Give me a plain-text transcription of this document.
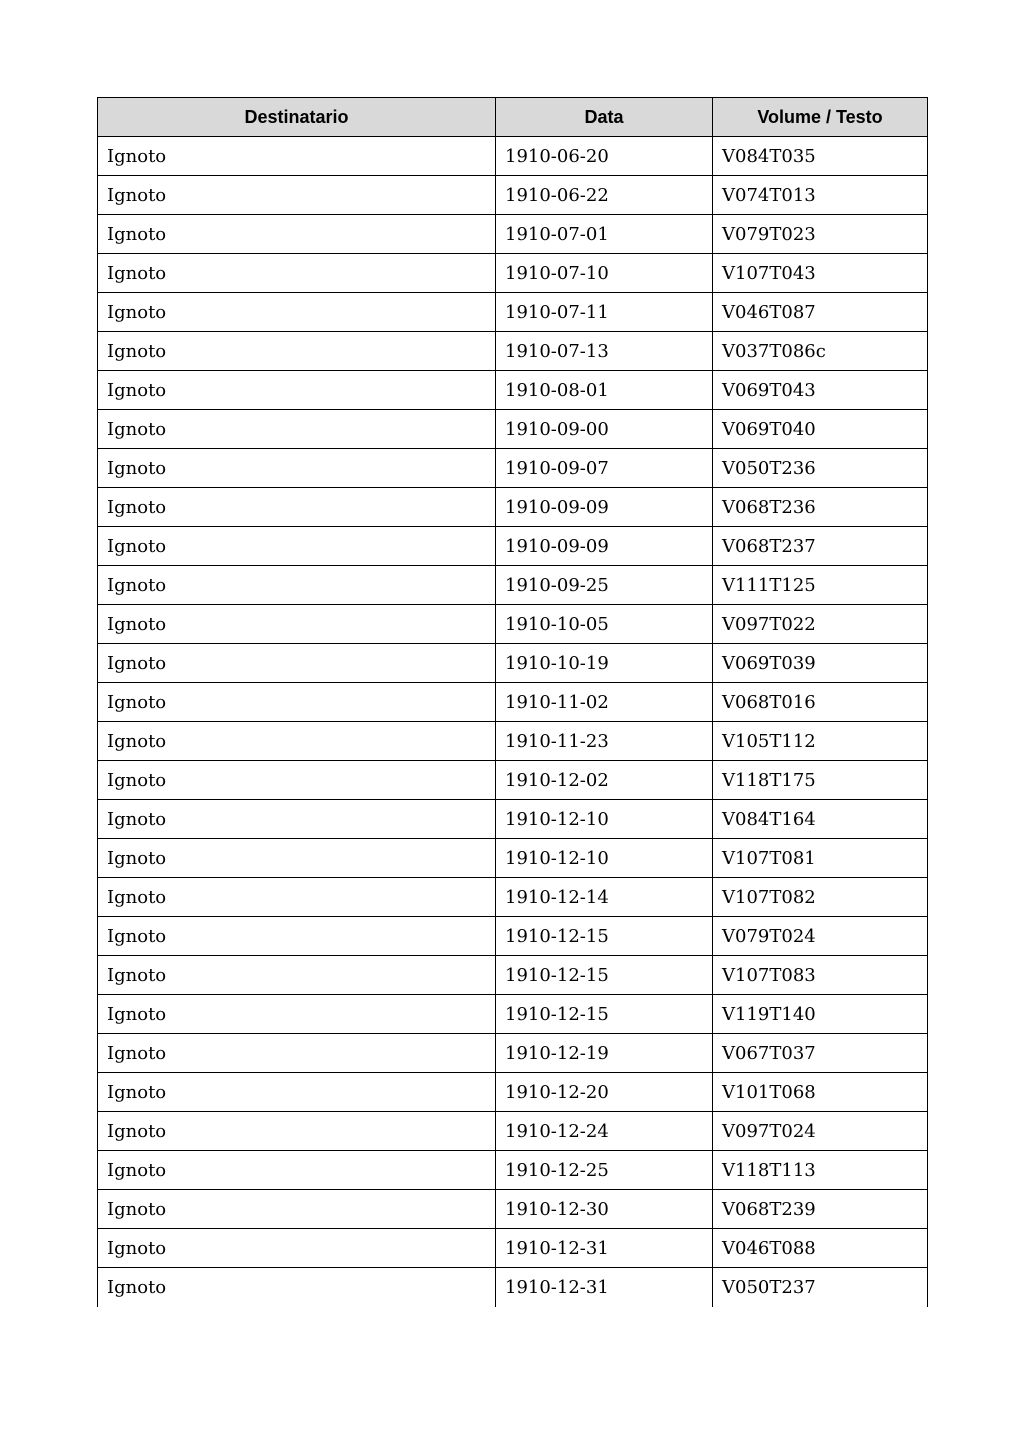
Destinatario	Data	Volume / Testo
Ignoto	1910-06-20	V084T035
Ignoto	1910-06-22	V074T013
Ignoto	1910-07-01	V079T023
Ignoto	1910-07-10	V107T043
Ignoto	1910-07-11	V046T087
Ignoto	1910-07-13	V037T086c
Ignoto	1910-08-01	V069T043
Ignoto	1910-09-00	V069T040
Ignoto	1910-09-07	V050T236
Ignoto	1910-09-09	V068T236
Ignoto	1910-09-09	V068T237
Ignoto	1910-09-25	V111T125
Ignoto	1910-10-05	V097T022
Ignoto	1910-10-19	V069T039
Ignoto	1910-11-02	V068T016
Ignoto	1910-11-23	V105T112
Ignoto	1910-12-02	V118T175
Ignoto	1910-12-10	V084T164
Ignoto	1910-12-10	V107T081
Ignoto	1910-12-14	V107T082
Ignoto	1910-12-15	V079T024
Ignoto	1910-12-15	V107T083
Ignoto	1910-12-15	V119T140
Ignoto	1910-12-19	V067T037
Ignoto	1910-12-20	V101T068
Ignoto	1910-12-24	V097T024
Ignoto	1910-12-25	V118T113
Ignoto	1910-12-30	V068T239
Ignoto	1910-12-31	V046T088
Ignoto	1910-12-31	V050T237
